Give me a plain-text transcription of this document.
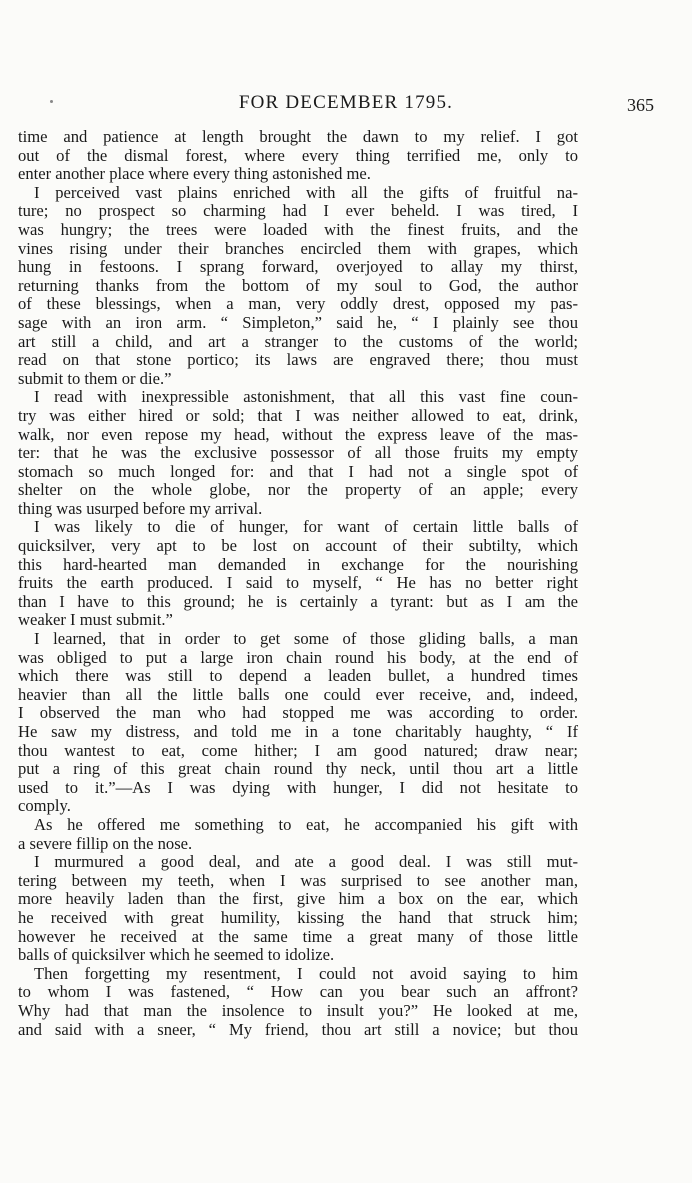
FOR DECEMBER 1795.	365
time and patience at length brought the dawn to my relief. I got
out of the dismal forest, where every thing terrified me, only to
enter another place where every thing astonished me.
I perceived vast plains enriched with all the gifts of fruitful na-
ture; no prospect so charming had I ever beheld. I was tired, I
was hungry; the trees were loaded with the finest fruits, and the
vines rising under their branches encircled them with grapes, which
hung in festoons. I sprang forward, overjoyed to allay my thirst,
returning thanks from the bottom of my soul to God, the author
of these blessings, when a man, very oddly drest, opposed my pas-
sage with an iron arm. “ Simpleton,” said he, “ I plainly see thou
art still a child, and art a stranger to the customs of the world;
read on that stone portico; its laws are engraved there; thou must
submit to them or die.”
I read with inexpressible astonishment, that all this vast fine coun-
try was either hired or sold; that I was neither allowed to eat, drink,
walk, nor even repose my head, without the express leave of the mas-
ter: that he was the exclusive possessor of all those fruits my empty
stomach so much longed for: and that I had not a single spot of
shelter on the whole globe, nor the property of an apple; every
thing was usurped before my arrival.
I was likely to die of hunger, for want of certain little balls of
quicksilver, very apt to be lost on account of their subtilty, which
this hard-hearted man demanded in exchange for the nourishing
fruits the earth produced. I said to myself, “ He has no better right
than I have to this ground; he is certainly a tyrant: but as I am the
weaker I must submit.”
I learned, that in order to get some of those gliding balls, a man
was obliged to put a large iron chain round his body, at the end of
which there was still to depend a leaden bullet, a hundred times
heavier than all the little balls one could ever receive, and, indeed,
I observed the man who had stopped me was according to order.
He saw my distress, and told me in a tone charitably haughty, “ If
thou wantest to eat, come hither; I am good natured; draw near;
put a ring of this great chain round thy neck, until thou art a little
used to it.”—As I was dying with hunger, I did not hesitate to
comply.
As he offered me something to eat, he accompanied his gift with
a severe fillip on the nose.
I murmured a good deal, and ate a good deal. I was still mut-
tering between my teeth, when I was surprised to see another man,
more heavily laden than the first, give him a box on the ear, which
he received with great humility, kissing the hand that struck him;
however he received at the same time a great many of those little
balls of quicksilver which he seemed to idolize.
Then forgetting my resentment, I could not avoid saying to him
to whom I was fastened, “ How can you bear such an affront?
Why had that man the insolence to insult you?” He looked at me,
and said with a sneer, “ My friend, thou art still a novice; but thou
